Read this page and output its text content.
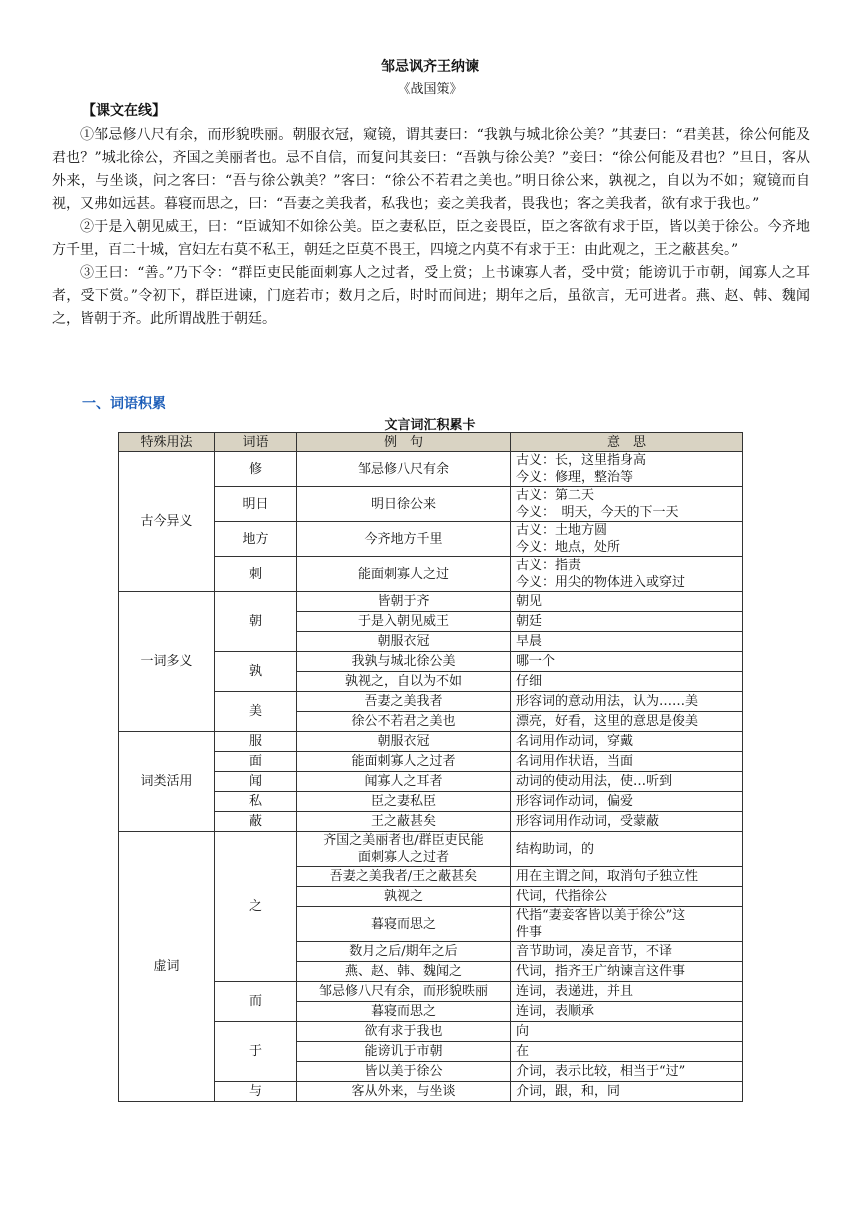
邹忌讽齐王纳谏
《战国策》
【课文在线】

①邹忌修八尺有余，而形貌昳丽。朝服衣冠，窥镜，谓其妻曰：“我孰与城北徐公美？”其妻曰：“君美甚，徐公何能及君也？”城北徐公，齐国之美丽者也。忌不自信，而复问其妾曰：“吾孰与徐公美？”妾曰：“徐公何能及君也？”旦日，客从外来，与坐谈，问之客曰：“吾与徐公孰美？”客曰：“徐公不若君之美也。”明日徐公来，孰视之，自以为不如；窥镜而自视，又弗如远甚。暮寝而思之，曰：“吾妻之美我者，私我也；妾之美我者，畏我也；客之美我者，欲有求于我也。”

②于是入朝见威王，曰：“臣诚知不如徐公美。臣之妻私臣，臣之妾畏臣，臣之客欲有求于臣，皆以美于徐公。今齐地方千里，百二十城，宫妇左右莫不私王，朝廷之臣莫不畏王，四境之内莫不有求于王：由此观之，王之蔽甚矣。”

③王曰：“善。”乃下令：“群臣吏民能面刺寡人之过者，受上赏；上书谏寡人者，受中赏；能谤讥于市朝，闻寡人之耳者，受下赏。”令初下，群臣进谏，门庭若市；数月之后，时时而间进；期年之后，虽欲言，无可进者。燕、赵、韩、魏闻之，皆朝于齐。此所谓战胜于朝廷。

一、词语积累
文言词汇积累卡
特殊用法	词语	例　句	意　思
古今异义	修	邹忌修八尺有余	古义：长，这里指身高
今义：修理，整治等

	明日	明日徐公来	古义：第二天
今义：　明天，今天的下一天

	地方	今齐地方千里	古义：土地方圆
今义：地点，处所

	刺	能面刺寡人之过	古义：指责
今义：用尖的物体进入或穿过

一词多义	朝	皆朝于齐	朝见
		于是入朝见威王	朝廷
		朝服衣冠	早晨
	孰	我孰与城北徐公美	哪一个
		孰视之，自以为不如	仔细
	美	吾妻之美我者	形容词的意动用法，认为……美
		徐公不若君之美也	漂亮，好看，这里的意思是俊美
词类活用	服	朝服衣冠	名词用作动词，穿戴
	面	能面刺寡人之过者	名词用作状语，当面
	闻	闻寡人之耳者	动词的使动用法，使…听到
	私	臣之妻私臣	形容词作动词，偏爱
	蔽	王之蔽甚矣	形容词用作动词，受蒙蔽
虚词	之	齐国之美丽者也/群臣吏民能
面刺寡人之过者	结构助词，的
		吾妻之美我者/王之蔽甚矣	用在主谓之间，取消句子独立性
		孰视之	代词，代指徐公
		暮寝而思之	代指“妻妾客皆以美于徐公”这
件事

		数月之后/期年之后	音节助词，凑足音节，不译
		燕、赵、韩、魏闻之	代词，指齐王广纳谏言这件事
	而	邹忌修八尺有余，而形貌昳丽	连词，表递进，并且
		暮寝而思之	连词，表顺承
	于	欲有求于我也	向
		能谤讥于市朝	在
		皆以美于徐公	介词，表示比较，相当于“过”
	与	客从外来，与坐谈	介词，跟，和，同
